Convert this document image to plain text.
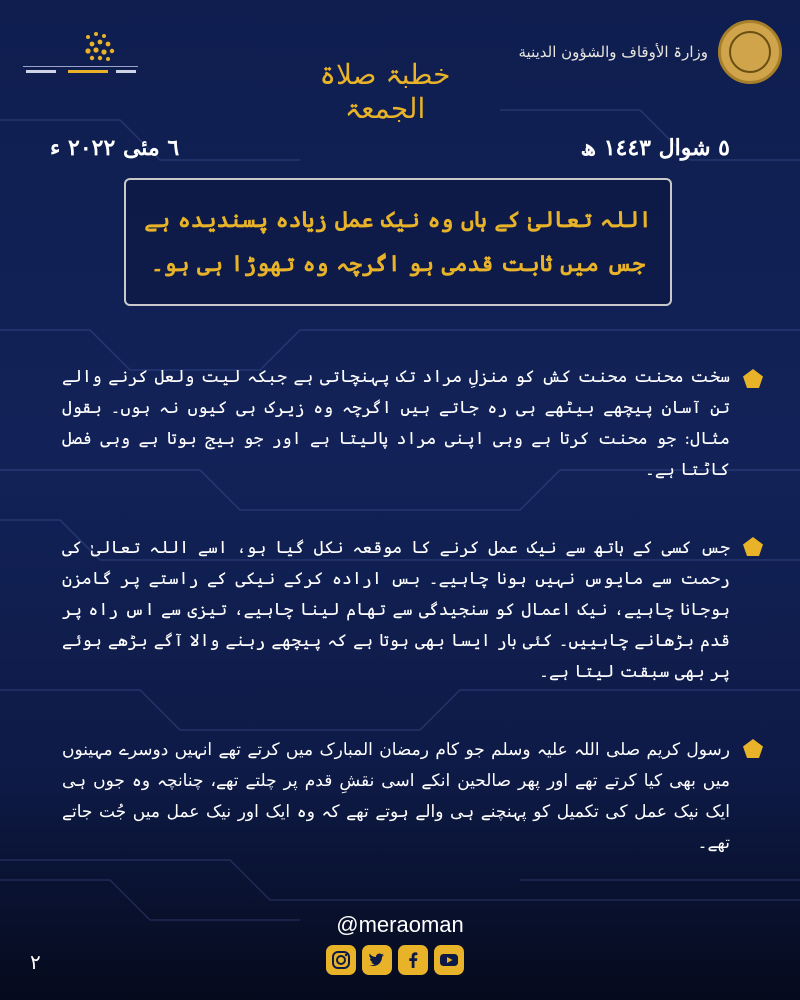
وزارۃ الأوقاف والشؤون الدينية
خطبۃ صلاۃ الجمعۃ
٥ شوال ١٤٤٣ ھ
٦ مئی ٢٠٢٢ ء
اللہ تعالیٰ کے ہاں وہ نیک عمل زیادہ پسندیدہ ہے
جس میں ثابت قدمی ہو اگرچہ وہ تھوڑا ہی ہو۔
سخت محنت محنت کش کو منزلِ مراد تک پہنچاتی ہے جبکہ لیت ولعل کرنے والے تن آسان پیچھے بیٹھے ہی رہ جاتے ہیں اگرچہ وہ زیرک ہی کیوں نہ ہوں۔ بقول مثال: جو محنت کرتا ہے وہی اپنی مراد پالیتا ہے اور جو بیج بوتا ہے وہی فصل کاٹتا ہے۔
جس کسی کے ہاتھ سے نیک عمل کرنے کا موقعہ نکل گیا ہو، اسے اللہ تعالیٰ کی رحمت سے مایوس نہیں ہونا چاہیے۔ بس ارادہ کرکے نیکی کے راستے پر گامزن ہوجانا چاہیے، نیک اعمال کو سنجیدگی سے تھام لینا چاہیے، تیزی سے اس راہ پر قدم بڑھانے چاہییں۔ کئی بار ایسا بھی ہوتا ہے کہ پیچھے رہنے والا آگے بڑھے ہوئے پر بھی سبقت لیتا ہے۔
رسول کریم صلی اللہ علیہ وسلم جو کام رمضان المبارک میں کرتے تھے انہیں دوسرے مہینوں میں بھی کیا کرتے تھے اور پھر صالحین انکے اسی نقشِ قدم پر چلتے تھے، چنانچہ وہ جوں ہی ایک نیک عمل کی تکمیل کو پہنچنے ہی والے ہوتے تھے کہ وہ ایک اور نیک عمل میں جُت جاتے تھے۔
@meraoman
٢
